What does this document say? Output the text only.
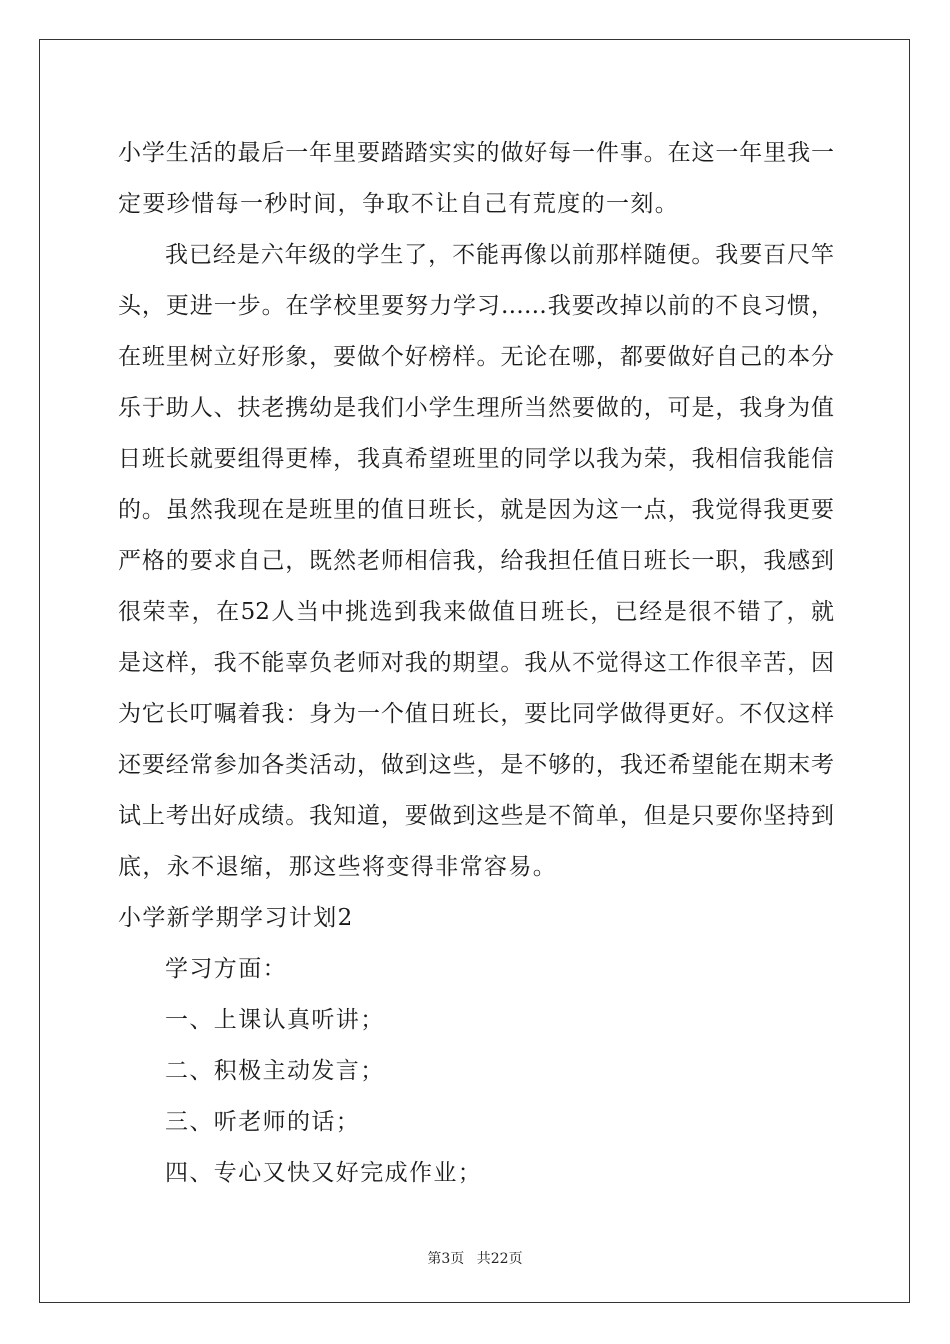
小学生活的最后一年里要踏踏实实的做好每一件事。在这一年里我一
定要珍惜每一秒时间，争取不让自己有荒度的一刻。
我已经是六年级的学生了，不能再像以前那样随便。我要百尺竿
头，更进一步。在学校里要努力学习……我要改掉以前的不良习惯，
在班里树立好形象，要做个好榜样。无论在哪，都要做好自己的本分
乐于助人、扶老携幼是我们小学生理所当然要做的，可是，我身为值
日班长就要组得更棒，我真希望班里的同学以我为荣，我相信我能信
的。虽然我现在是班里的值日班长，就是因为这一点，我觉得我更要
严格的要求自己，既然老师相信我，给我担任值日班长一职，我感到
很荣幸，在52人当中挑选到我来做值日班长，已经是很不错了，就
是这样，我不能辜负老师对我的期望。我从不觉得这工作很辛苦，因
为它长叮嘱着我：身为一个值日班长，要比同学做得更好。不仅这样
还要经常参加各类活动，做到这些，是不够的，我还希望能在期末考
试上考出好成绩。我知道，要做到这些是不简单，但是只要你坚持到
底，永不退缩，那这些将变得非常容易。
小学新学期学习计划2
学习方面：
一、上课认真听讲；
二、积极主动发言；
三、听老师的话；
四、专心又快又好完成作业；
第3页 共22页
